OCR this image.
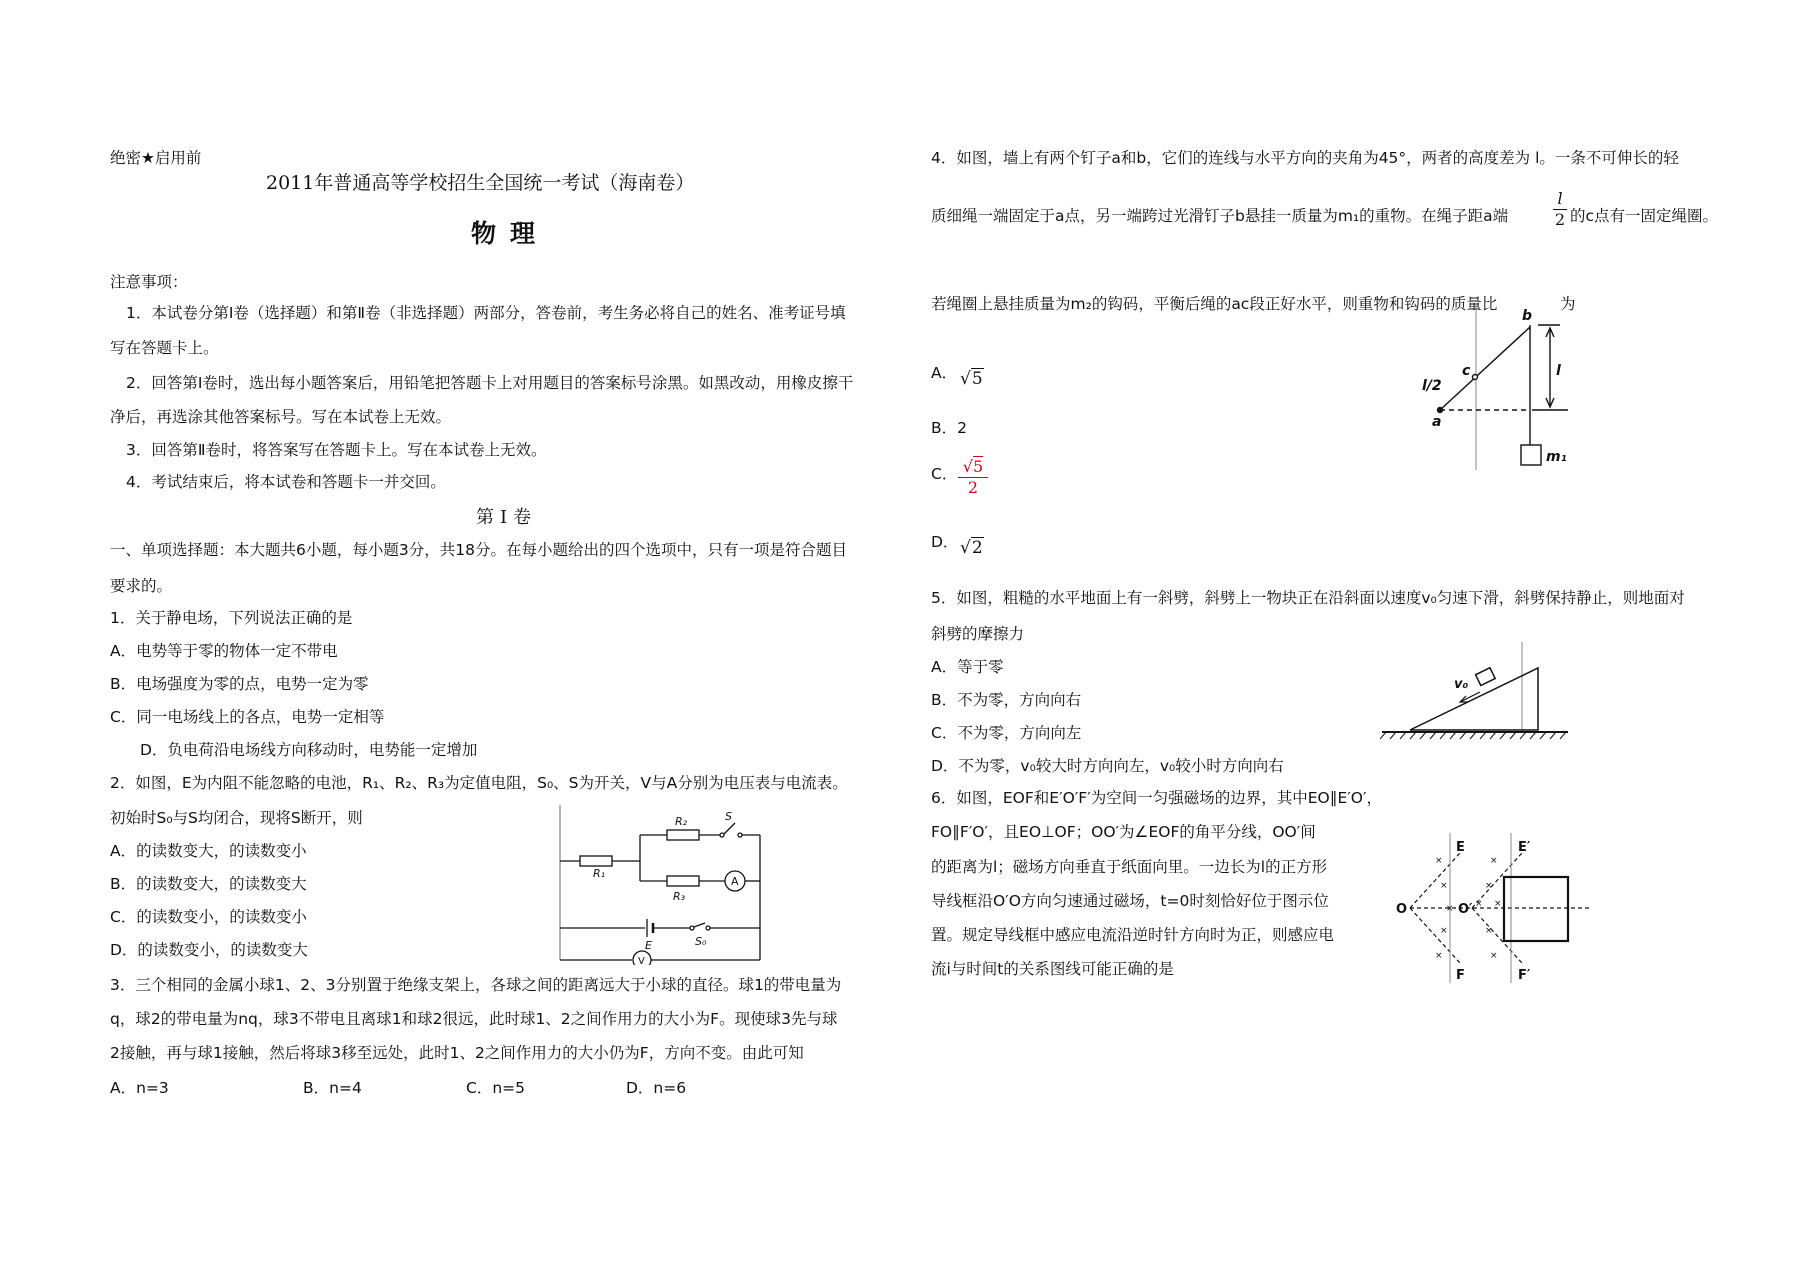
绝密★启用前
2011年普通高等学校招生全国统一考试（海南卷）
物理
注意事项：
1．本试卷分第Ⅰ卷（选择题）和第Ⅱ卷（非选择题）两部分，答卷前，考生务必将自己的姓名、准考证号填
写在答题卡上。
2．回答第Ⅰ卷时，选出每小题答案后，用铅笔把答题卡上对用题目的答案标号涂黑。如黑改动，用橡皮擦干
净后，再选涂其他答案标号。写在本试卷上无效。
3．回答第Ⅱ卷时，将答案写在答题卡上。写在本试卷上无效。
4．考试结束后，将本试卷和答题卡一并交回。
第Ⅰ卷
一、单项选择题：本大题共6小题，每小题3分，共18分。在每小题给出的四个选项中，只有一项是符合题目
要求的。
1．关于静电场，下列说法正确的是
A．电势等于零的物体一定不带电
B．电场强度为零的点，电势一定为零
C．同一电场线上的各点，电势一定相等
D．负电荷沿电场线方向移动时，电势能一定增加
2．如图，E为内阻不能忽略的电池，R₁、R₂、R₃为定值电阻，S₀、S为开关，V与A分别为电压表与电流表。
初始时S₀与S均闭合，现将S断开，则
A．的读数变大，的读数变小
B．的读数变大，的读数变大
C．的读数变小，的读数变小
D．的读数变小，的读数变大
R₂
R₁
R₃
S
A
E	S₀
V
3．三个相同的金属小球1、2、3分别置于绝缘支架上，各球之间的距离远大于小球的直径。球1的带电量为
q，球2的带电量为nq，球3不带电且离球1和球2很远，此时球1、2之间作用力的大小为F。现使球3先与球
2接触，再与球1接触，然后将球3移至远处，此时1、2之间作用力的大小仍为F，方向不变。由此可知
A．n=3	B．n=4	C．n=5	D．n=6
4．如图，墙上有两个钉子a和b，它们的连线与水平方向的夹角为45°，两者的高度差为 l。一条不可伸长的轻
质细绳一端固定于a点，另一端跨过光滑钉子b悬挂一质量为m₁的重物。在绳子距a端
l
2 的c点有一固定绳圈。
若绳圈上悬挂质量为m₂的钩码，平衡后绳的ac段正好水平，则重物和钩码的质量比	为
A． √5
B．2
C． √5
2
D． √2
a
b
c
l/2
l
m₁
5．如图，粗糙的水平地面上有一斜劈，斜劈上一物块正在沿斜面以速度v₀匀速下滑，斜劈保持静止，则地面对
斜劈的摩擦力
A．等于零
B．不为零，方向向右
C．不为零，方向向左
D．不为零，v₀较大时方向向左，v₀较小时方向向右
v₀
6．如图，EOF和E′O′F′为空间一匀强磁场的边界，其中EO∥E′O′，
FO∥F′O′，且EO⊥OF；OO′为∠EOF的角平分线，OO′间
的距离为l；磁场方向垂直于纸面向里。一边长为l的正方形
导线框沿O′O方向匀速通过磁场，t=0时刻恰好位于图示位
置。规定导线框中感应电流沿逆时针方向时为正，则感应电
流i与时间t的关系图线可能正确的是
×	×
×	×
× × ×
×	×
×	×
E	E′
F	F′
O	O′
